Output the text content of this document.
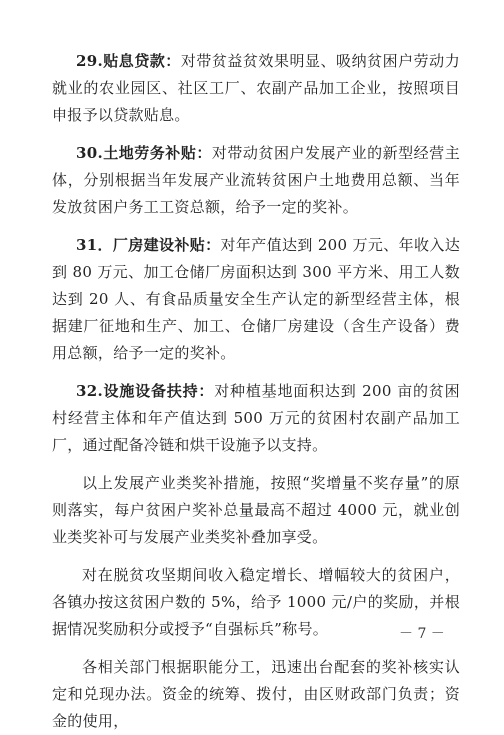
29.贴息贷款：对带贫益贫效果明显、吸纳贫困户劳动力就业的农业园区、社区工厂、农副产品加工企业，按照项目申报予以贷款贴息。

30.土地劳务补贴：对带动贫困户发展产业的新型经营主体，分别根据当年发展产业流转贫困户土地费用总额、当年发放贫困户务工工资总额，给予一定的奖补。

31．厂房建设补贴：对年产值达到 200 万元、年收入达到 80 万元、加工仓储厂房面积达到 300 平方米、用工人数达到 20 人、有食品质量安全生产认定的新型经营主体，根据建厂征地和生产、加工、仓储厂房建设（含生产设备）费用总额，给予一定的奖补。

32.设施设备扶持：对种植基地面积达到 200 亩的贫困村经营主体和年产值达到 500 万元的贫困村农副产品加工厂，通过配备冷链和烘干设施予以支持。

以上发展产业类奖补措施，按照“奖增量不奖存量”的原则落实，每户贫困户奖补总量最高不超过 4000 元，就业创业类奖补可与发展产业类奖补叠加享受。

对在脱贫攻坚期间收入稳定增长、增幅较大的贫困户，各镇办按这贫困户数的 5%，给予 1000 元/户的奖励，并根据情况奖励积分或授予“自强标兵”称号。

各相关部门根据职能分工，迅速出台配套的奖补核实认定和兑现办法。资金的统筹、拨付，由区财政部门负责；资金的使用，

－ 7 －
